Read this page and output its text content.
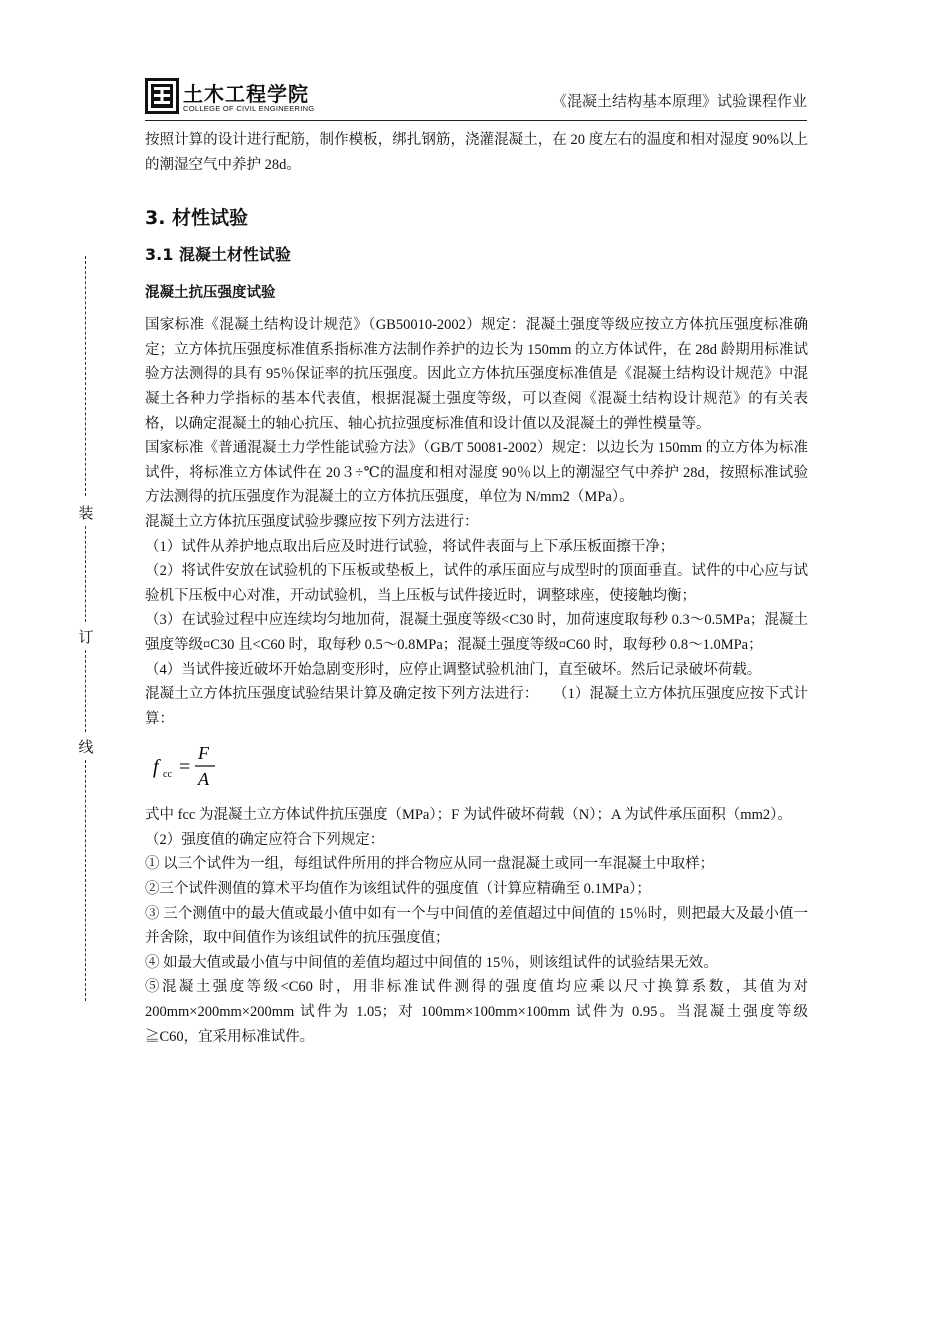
土木工程学院
COLLEGE OF CIVIL ENGINEERING	《混凝土结构基本原理》试验课程作业
装
订
线

按照计算的设计进行配筋，制作模板，绑扎钢筋，浇灌混凝土，在 20 度左右的温度和相对湿度 90%以上的潮湿空气中养护 28d。

3. 材性试验
3.1 混凝土材性试验
混凝土抗压强度试验

国家标准《混凝土结构设计规范》（GB50010-2002）规定：混凝土强度等级应按立方体抗压强度标准确定；立方体抗压强度标准值系指标准方法制作养护的边长为 150mm 的立方体试件，在 28d 龄期用标准试验方法测得的具有 95％保证率的抗压强度。因此立方体抗压强度标准值是《混凝土结构设计规范》中混凝土各种力学指标的基本代表值，根据混凝土强度等级，可以查阅《混凝土结构设计规范》的有关表格，以确定混凝土的轴心抗压、轴心抗拉强度标准值和设计值以及混凝土的弹性模量等。

国家标准《普通混凝土力学性能试验方法》（GB/T 50081-2002）规定：以边长为 150mm 的立方体为标准试件，将标准立方体试件在 20３÷℃的温度和相对湿度 90％以上的潮湿空气中养护 28d，按照标准试验方法测得的抗压强度作为混凝土的立方体抗压强度，单位为 N/mm2（MPa）。

混凝土立方体抗压强度试验步骤应按下列方法进行：

（1）试件从养护地点取出后应及时进行试验，将试件表面与上下承压板面擦干净；

（2）将试件安放在试验机的下压板或垫板上，试件的承压面应与成型时的顶面垂直。试件的中心应与试验机下压板中心对准，开动试验机，当上压板与试件接近时，调整球座，使接触均衡；

（3）在试验过程中应连续均匀地加荷，混凝土强度等级<C30 时，加荷速度取每秒 0.3～0.5MPa；混凝土强度等级¤C30 且<C60 时，取每秒 0.5～0.8MPa；混凝土强度等级¤C60 时，取每秒 0.8～1.0MPa；

（4）当试件接近破坏开始急剧变形时，应停止调整试验机油门，直至破坏。然后记录破坏荷载。

混凝土立方体抗压强度试验结果计算及确定按下列方法进行：　　（1）混凝土立方体抗压强度应按下式计算：

f cc =
F
A

式中 fcc 为混凝土立方体试件抗压强度（MPa）；F 为试件破坏荷载（N）；A 为试件承压面积（mm2）。

（2）强度值的确定应符合下列规定：

① 以三个试件为一组，每组试件所用的拌合物应从同一盘混凝土或同一车混凝土中取样；

②三个试件测值的算术平均值作为该组试件的强度值（计算应精确至 0.1MPa）；

③ 三个测值中的最大值或最小值中如有一个与中间值的差值超过中间值的 15％时，则把最大及最小值一并舍除，取中间值作为该组试件的抗压强度值；

④ 如最大值或最小值与中间值的差值均超过中间值的 15％，则该组试件的试验结果无效。

⑤混凝土强度等级<C60 时，用非标准试件测得的强度值均应乘以尺寸换算系数，其值为对 200mm×200mm×200mm 试件为 1.05；对 100mm×100mm×100mm 试件为 0.95。当混凝土强度等级≧C60，宜采用标准试件。
